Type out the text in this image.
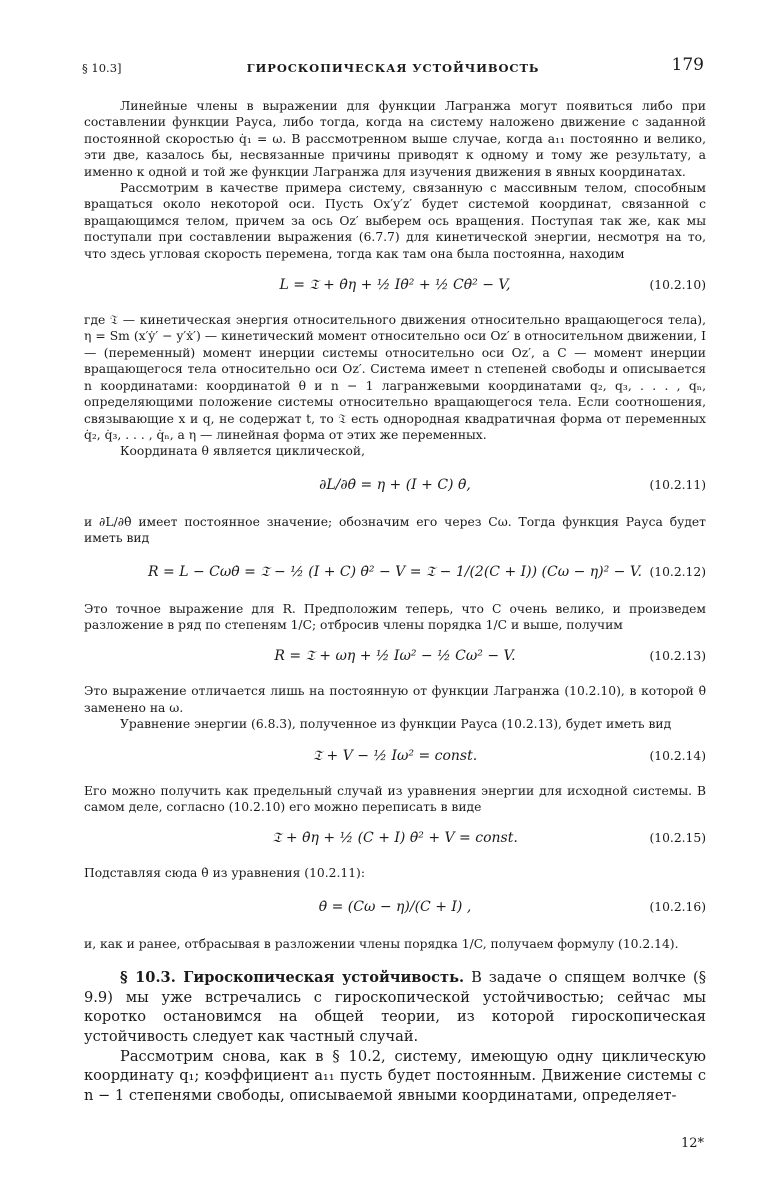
§ 10.3]	ГИРОСКОПИЧЕСКАЯ УСТОЙЧИВОСТЬ	179

Линейные члены в выражении для функции Лагранжа могут появиться либо при составлении функции Рауса, либо тогда, когда на систему наложено движение с заданной постоянной скоростью q̇₁ = ω. В рассмотренном выше случае, когда a₁₁ постоянно и велико, эти две, казалось бы, несвязанные причины приводят к одному и тому же результату, а именно к одной и той же функции Лагранжа для изучения движения в явных координатах.

Рассмотрим в качестве примера систему, связанную с массивным телом, способным вращаться около некоторой оси. Пусть Ox′y′z′ будет системой координат, связанной с вращающимся телом, причем за ось Oz′ выберем ось вращения. Поступая так же, как мы поступали при составлении выражения (6.7.7) для кинетической энергии, несмотря на то, что здесь угловая скорость перемена, тогда как там она была постоянна, находим

L = 𝔗 + θ̇η + ½ Iθ̇² + ½ Cθ̇² − V,	(10.2.10)

где 𝔗 — кинетическая энергия относительного движения относительно вращающегося тела), η = Sm (x′ẏ′ − y′ẋ′) — кинетический момент относительно оси Oz′ в относительном движении, I — (переменный) момент инерции системы относительно оси Oz′, а C — момент инерции вращающегося тела относительно оси Oz′. Система имеет n степеней свободы и описывается n координатами: координатой θ и n − 1 лагранжевыми координатами q₂, q₃, . . . , qₙ, определяющими положение системы относительно вращающегося тела. Если соотношения, связывающие x и q, не содержат t, то 𝔗 есть однородная квадратичная форма от переменных q̇₂, q̇₃, . . . , q̇ₙ, а η — линейная форма от этих же переменных.

Координата θ является циклической,

∂L/∂θ̇ = η + (I + C) θ̇,	(10.2.11)

и ∂L/∂θ̇ имеет постоянное значение; обозначим его через Cω. Тогда функция Рауса будет иметь вид

R = L − Cωθ̇ = 𝔗 − ½ (I + C) θ̇² − V = 𝔗 − 1/(2(C + I)) (Cω − η)² − V. (10.2.12)

Это точное выражение для R. Предположим теперь, что C очень велико, и произведем разложение в ряд по степеням 1/C; отбросив члены порядка 1/C и выше, получим

R = 𝔗 + ωη + ½ Iω² − ½ Cω² − V.	(10.2.13)

Это выражение отличается лишь на постоянную от функции Лагранжа (10.2.10), в которой θ̇ заменено на ω.

Уравнение энергии (6.8.3), полученное из функции Рауса (10.2.13), будет иметь вид

𝔗 + V − ½ Iω² = const.	(10.2.14)

Его можно получить как предельный случай из уравнения энергии для исходной системы. В самом деле, согласно (10.2.10) его можно переписать в виде

𝔗 + θ̇η + ½ (C + I) θ̇² + V = const.	(10.2.15)

Подставляя сюда θ̇ из уравнения (10.2.11):

θ̇ = (Cω − η)/(C + I) ,	(10.2.16)

и, как и ранее, отбрасывая в разложении члены порядка 1/C, получаем формулу (10.2.14).

§ 10.3. Гироскопическая устойчивость. В задаче о спящем волчке (§ 9.9) мы уже встречались с гироскопической устойчивостью; сейчас мы коротко остановимся на общей теории, из которой гироскопическая устойчивость следует как частный случай.

Рассмотрим снова, как в § 10.2, систему, имеющую одну циклическую координату q₁; коэффициент a₁₁ пусть будет постоянным. Движение системы с n − 1 степенями свободы, описываемой явными координатами, определяет-

12*
